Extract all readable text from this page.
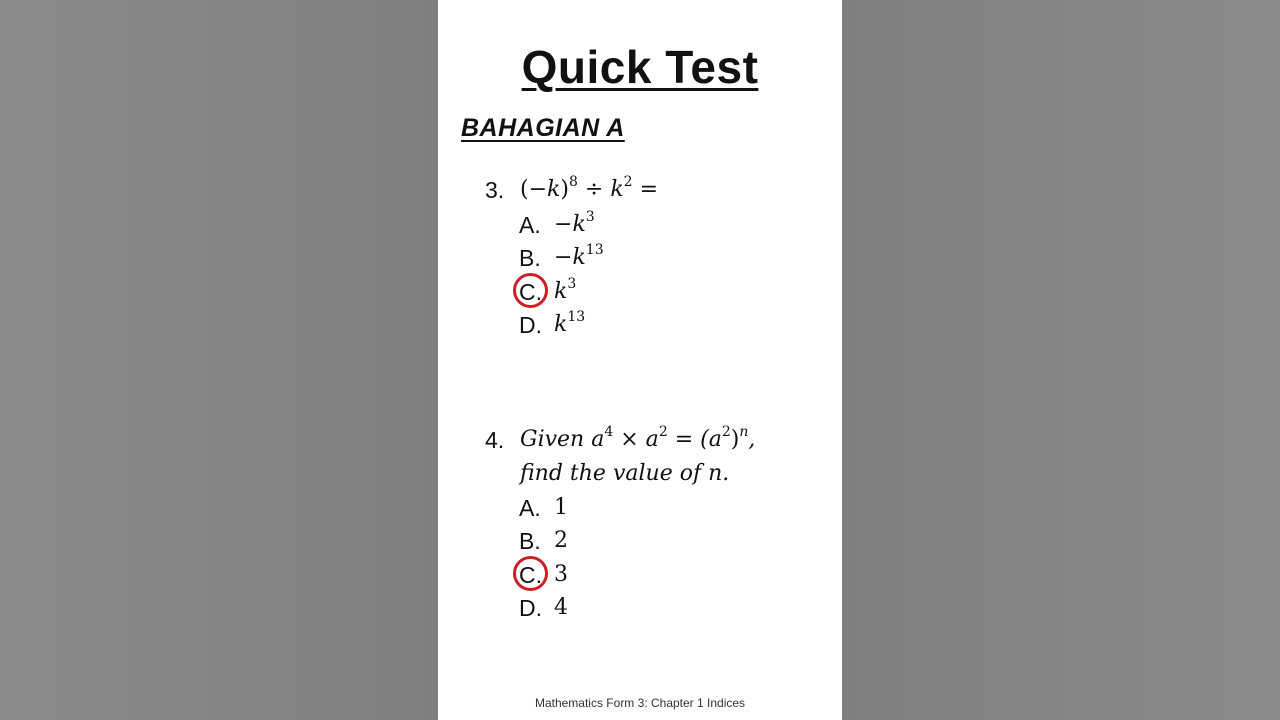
Quick Test
BAHAGIAN A
3. $(-k)^8 \div k^2$ =
A. $-k^3$
B. $-k^{13}$
C. $k^3$
D. $k^{13}$
4. Given $a^4 \times a^2 = (a^2)^n$,
find the value of n.
A. 1
B. 2
C. 3
D. 4
Mathematics Form 3: Chapter 1 Indices
